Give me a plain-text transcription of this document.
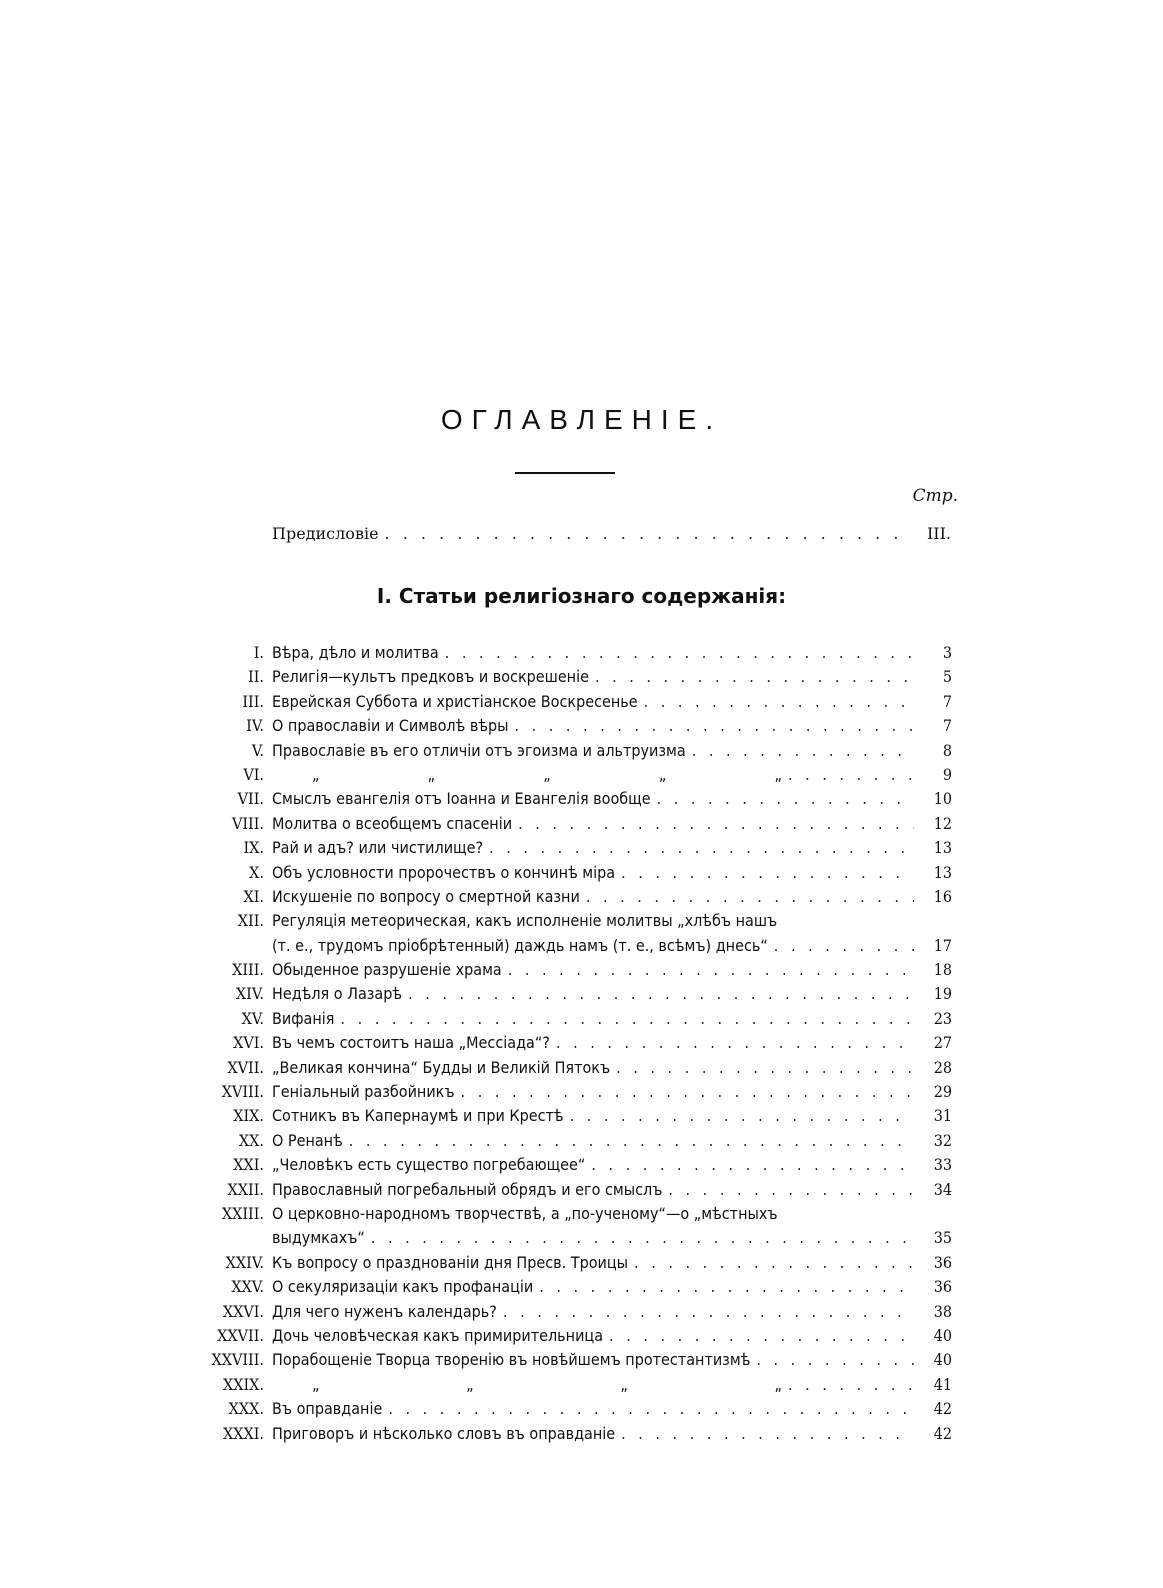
ОГЛАВЛЕНІЕ.
Стр.
Предисловіе . . .	III.
I. Статьи религіознаго содержанія:
I. Вѣра, дѣло и молитва . . .	3
II. Религія—культъ предковъ и воскрешеніе . . .	5
III. Еврейская Суббота и христіанское Воскресенье . . .	7
IV. О православіи и Символѣ вѣры . . .	7
V. Православіе въ его отличіи отъ эгоизма и альтруизма . . .	8
VI.	„	„	„	„	„ . . .	9
VII. Смыслъ евангелія отъ Іоанна и Евангелія вообще . . .	10
VIII. Молитва о всеобщемъ спасеніи . . .	12
IX. Рай и адъ? или чистилище? . . .	13
X. Объ условности пророчествъ о кончинѣ міра . . .	13
XI. Искушеніе по вопросу о смертной казни . . .	16
XII. Регуляція метеорическая, какъ исполненіе молитвы „хлѣбъ нашъ
(т. е., трудомъ пріобрѣтенный) даждь намъ (т. е., всѣмъ) днесь“ . . .	17
XIII. Обыденное разрушеніе храма . . .	18
XIV. Недѣля о Лазарѣ . . .	19
XV. Вифанія . . .	23
XVI. Въ чемъ состоитъ наша „Мессіада“? . . .	27
XVII. „Великая кончина“ Будды и Великій Пятокъ . . .	28
XVIII. Геніальный разбойникъ . . .	29
XIX. Сотникъ въ Капернаумѣ и при Крестѣ . . .	31
XX. О Ренанѣ . . .	32
XXI. „Человѣкъ есть существо погребающее“ . . .	33
XXII. Православный погребальный обрядъ и его смыслъ . . .	34
XXIII. О церковно-народномъ творчествѣ, а „по-ученому“—о „мѣстныхъ
выдумкахъ“ . . .	35
XXIV. Къ вопросу о празднованіи дня Пресв. Троицы . . .	36
XXV. О секуляризаціи какъ профанаціи . . .	36
XXVI. Для чего нуженъ календарь? . . .	38
XXVII. Дочь человѣческая какъ примирительница . . .	40
XXVIII. Порабощеніе Творца творенію въ новѣйшемъ протестантизмѣ . . .	40
XXIX.	„	„	„	„ . . .	41
XXX. Въ оправданіе . . .	42
XXXI. Приговоръ и нѣсколько словъ въ оправданіе . . .	42
